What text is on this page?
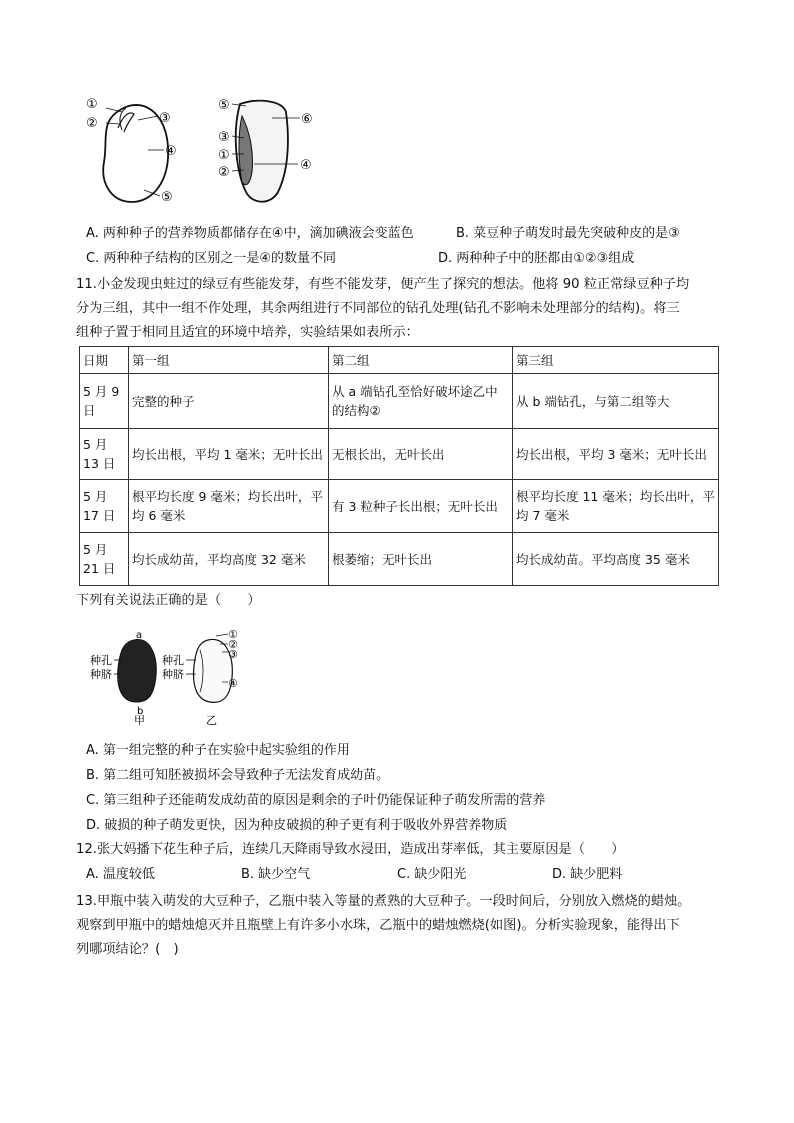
①
②	③
④
⑤
⑤
⑥
③
①
②	④
A. 两种种子的营养物质都储存在④中，滴加碘液会变蓝色	B. 菜豆种子萌发时最先突破种皮的是③
C. 两种种子结构的区别之一是④的数量不同	D. 两种种子中的胚都由①②③组成
11.小金发现虫蛀过的绿豆有些能发芽，有些不能发芽，便产生了探究的想法。他将 90 粒正常绿豆种子均
分为三组，其中一组不作处理，其余两组进行不同部位的钻孔处理(钻孔不影响未处理部分的结构)。将三
组种子置于相同且适宜的环境中培养，实验结果如表所示：
日期	第一组	第二组	第三组
5 月 9 日	完整的种子	从 a 端钻孔至恰好破坏途乙中的结构②	从 b 端钻孔，与第二组等大
5 月 13 日	均长出根，平均 1 毫米；无叶长出	无根长出，无叶长出	均长出根，平均 3 毫米；无叶长出
5 月 17 日	根平均长度 9 毫米；均长出叶，平均 6 毫米	有 3 粒种子长出根；无叶长出	根平均长度 11 毫米；均长出叶，平均 7 毫米
5 月 21 日	均长成幼苗，平均高度 32 毫米	根萎缩；无叶长出	均长成幼苗。平均高度 35 毫米
下列有关说法正确的是（　　）
a
b
种孔
种脐
种孔
种脐
①
②
③
④
甲	乙
A. 第一组完整的种子在实验中起实验组的作用
B. 第二组可知胚被损坏会导致种子无法发育成幼苗。
C. 第三组种子还能萌发成幼苗的原因是剩余的子叶仍能保证种子萌发所需的营养
D. 破损的种子萌发更快，因为种皮破损的种子更有利于吸收外界营养物质
12.张大妈播下花生种子后，连续几天降雨导致水浸田，造成出芽率低，其主要原因是（　　）
A. 温度较低	B. 缺少空气	C. 缺少阳光	D. 缺少肥料
13.甲瓶中装入萌发的大豆种子，乙瓶中装入等量的煮熟的大豆种子。一段时间后，分别放入燃烧的蜡烛。
观察到甲瓶中的蜡烛熄灭并且瓶壁上有许多小水珠，乙瓶中的蜡烛燃烧(如图)。分析实验现象，能得出下
列哪项结论？(　)
